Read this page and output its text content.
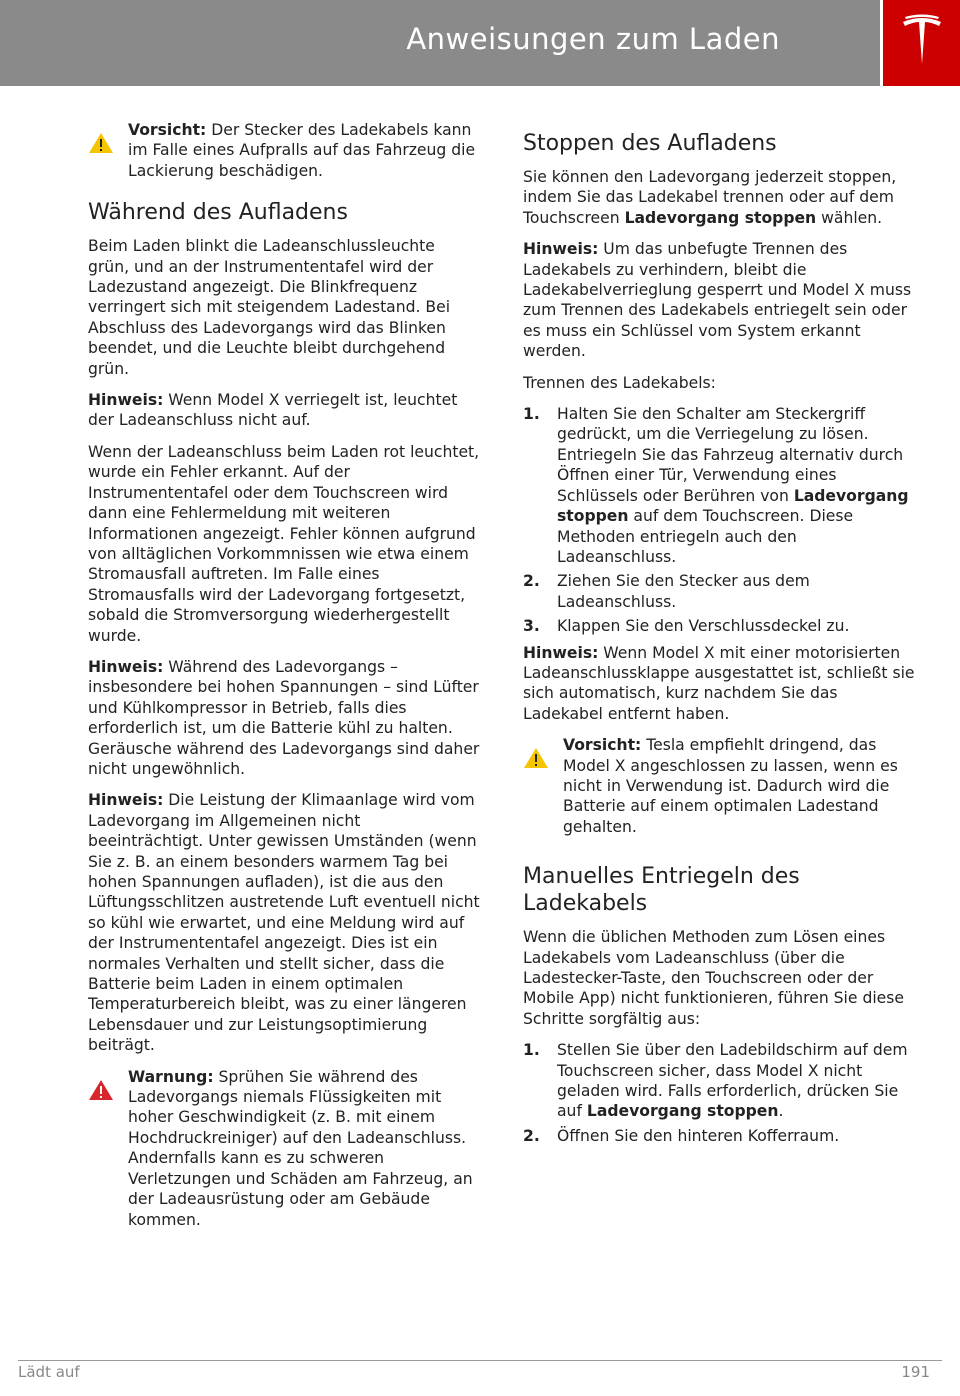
Anweisungen zum Laden
Vorsicht: Der Stecker des Ladekabels kann im Falle eines Aufpralls auf das Fahrzeug die Lackierung beschädigen.
Während des Aufladens

Beim Laden blinkt die Ladeanschlussleuchte grün, und an der Instrumententafel wird der Ladezustand angezeigt. Die Blinkfrequenz verringert sich mit steigendem Ladestand. Bei Abschluss des Ladevorgangs wird das Blinken beendet, und die Leuchte bleibt durchgehend grün.

Hinweis: Wenn Model X verriegelt ist, leuchtet der Ladeanschluss nicht auf.

Wenn der Ladeanschluss beim Laden rot leuchtet, wurde ein Fehler erkannt. Auf der Instrumententafel oder dem Touchscreen wird dann eine Fehlermeldung mit weiteren Informationen angezeigt. Fehler können aufgrund von alltäglichen Vorkommnissen wie etwa einem Stromausfall auftreten. Im Falle eines Stromausfalls wird der Ladevorgang fortgesetzt, sobald die Stromversorgung wiederhergestellt wurde.

Hinweis: Während des Ladevorgangs – insbesondere bei hohen Spannungen – sind Lüfter und Kühlkompressor in Betrieb, falls dies erforderlich ist, um die Batterie kühl zu halten. Geräusche während des Ladevorgangs sind daher nicht ungewöhnlich.

Hinweis: Die Leistung der Klimaanlage wird vom Ladevorgang im Allgemeinen nicht beeinträchtigt. Unter gewissen Umständen (wenn Sie z. B. an einem besonders warmem Tag bei hohen Spannungen aufladen), ist die aus den Lüftungsschlitzen austretende Luft eventuell nicht so kühl wie erwartet, und eine Meldung wird auf der Instrumententafel angezeigt. Dies ist ein normales Verhalten und stellt sicher, dass die Batterie beim Laden in einem optimalen Temperaturbereich bleibt, was zu einer längeren Lebensdauer und zur Leistungsoptimierung beiträgt.

Warnung: Sprühen Sie während des Ladevorgangs niemals Flüssigkeiten mit hoher Geschwindigkeit (z. B. mit einem Hochdruckreiniger) auf den Ladeanschluss. Andernfalls kann es zu schweren Verletzungen und Schäden am Fahrzeug, an der Ladeausrüstung oder am Gebäude kommen.
Stoppen des Aufladens

Sie können den Ladevorgang jederzeit stoppen, indem Sie das Ladekabel trennen oder auf dem Touchscreen Ladevorgang stoppen wählen.

Hinweis: Um das unbefugte Trennen des Ladekabels zu verhindern, bleibt die Ladekabelverrieglung gesperrt und Model X muss zum Trennen des Ladekabels entriegelt sein oder es muss ein Schlüssel vom System erkannt werden.

Trennen des Ladekabels:

1. Halten Sie den Schalter am Steckergriff gedrückt, um die Verriegelung zu lösen. Entriegeln Sie das Fahrzeug alternativ durch Öffnen einer Tür, Verwendung eines Schlüssels oder Berühren von Ladevorgang stoppen auf dem Touchscreen. Diese Methoden entriegeln auch den Ladeanschluss.
2. Ziehen Sie den Stecker aus dem Ladeanschluss.
3. Klappen Sie den Verschlussdeckel zu.

Hinweis: Wenn Model X mit einer motorisierten Ladeanschlussklappe ausgestattet ist, schließt sie sich automatisch, kurz nachdem Sie das Ladekabel entfernt haben.

Vorsicht: Tesla empfiehlt dringend, das Model X angeschlossen zu lassen, wenn es nicht in Verwendung ist. Dadurch wird die Batterie auf einem optimalen Ladestand gehalten.
Manuelles Entriegeln des Ladekabels

Wenn die üblichen Methoden zum Lösen eines Ladekabels vom Ladeanschluss (über die Ladestecker-Taste, den Touchscreen oder der Mobile App) nicht funktionieren, führen Sie diese Schritte sorgfältig aus:

1. Stellen Sie über den Ladebildschirm auf dem Touchscreen sicher, dass Model X nicht geladen wird. Falls erforderlich, drücken Sie auf Ladevorgang stoppen.
2. Öffnen Sie den hinteren Kofferraum.
Lädt auf	191
